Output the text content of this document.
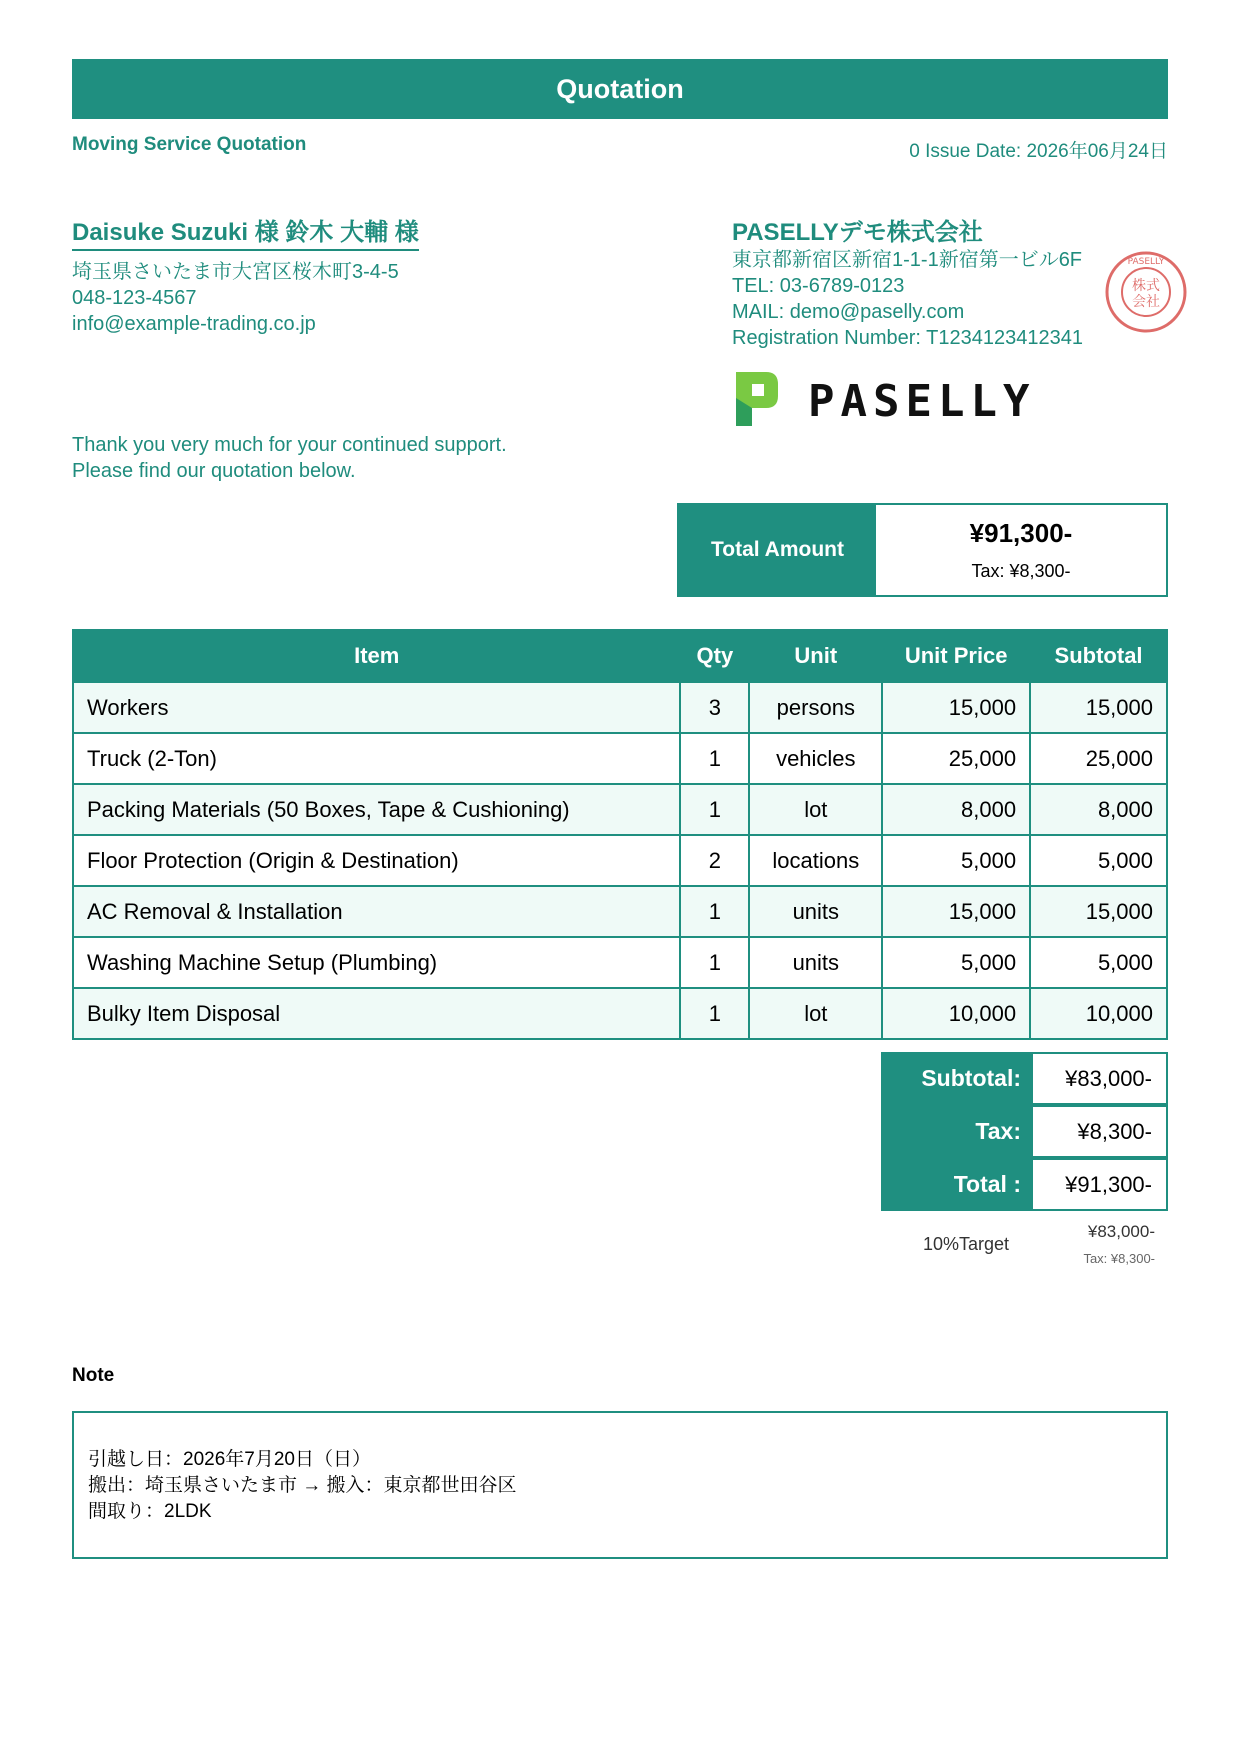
Quotation
Moving Service Quotation	0 Issue Date: 2026年06月24日
Daisuke Suzuki 様 鈴木 大輔 様
埼玉県さいたま市大宮区桜木町3-4-5
048-123-4567
info@example-trading.co.jp
PASELLYデモ株式会社
東京都新宿区新宿1-1-1新宿第一ビル6F
TEL: 03-6789-0123
MAIL: demo@paselly.com
Registration Number: T1234123412341
株式
会社
PASELLY
PASELLY
Thank you very much for your continued support.
Please find our quotation below.
Total Amount
¥91,300-
Tax: ¥8,300-
Item	Qty	Unit	Unit Price	Subtotal
Workers	3	persons	15,000	15,000
Truck (2-Ton)	1	vehicles	25,000	25,000
Packing Materials (50 Boxes, Tape & Cushioning)	1	lot	8,000	8,000
Floor Protection (Origin & Destination)	2	locations	5,000	5,000
AC Removal & Installation	1	units	15,000	15,000
Washing Machine Setup (Plumbing)	1	units	5,000	5,000
Bulky Item Disposal	1	lot	10,000	10,000
Subtotal:	¥83,000-
Tax:	¥8,300-
Total :	¥91,300-
10%Target
¥83,000-
Tax: ¥8,300-
Note
引越し日：2026年7月20日（日）
搬出：埼玉県さいたま市 → 搬入：東京都世田谷区
間取り：2LDK
